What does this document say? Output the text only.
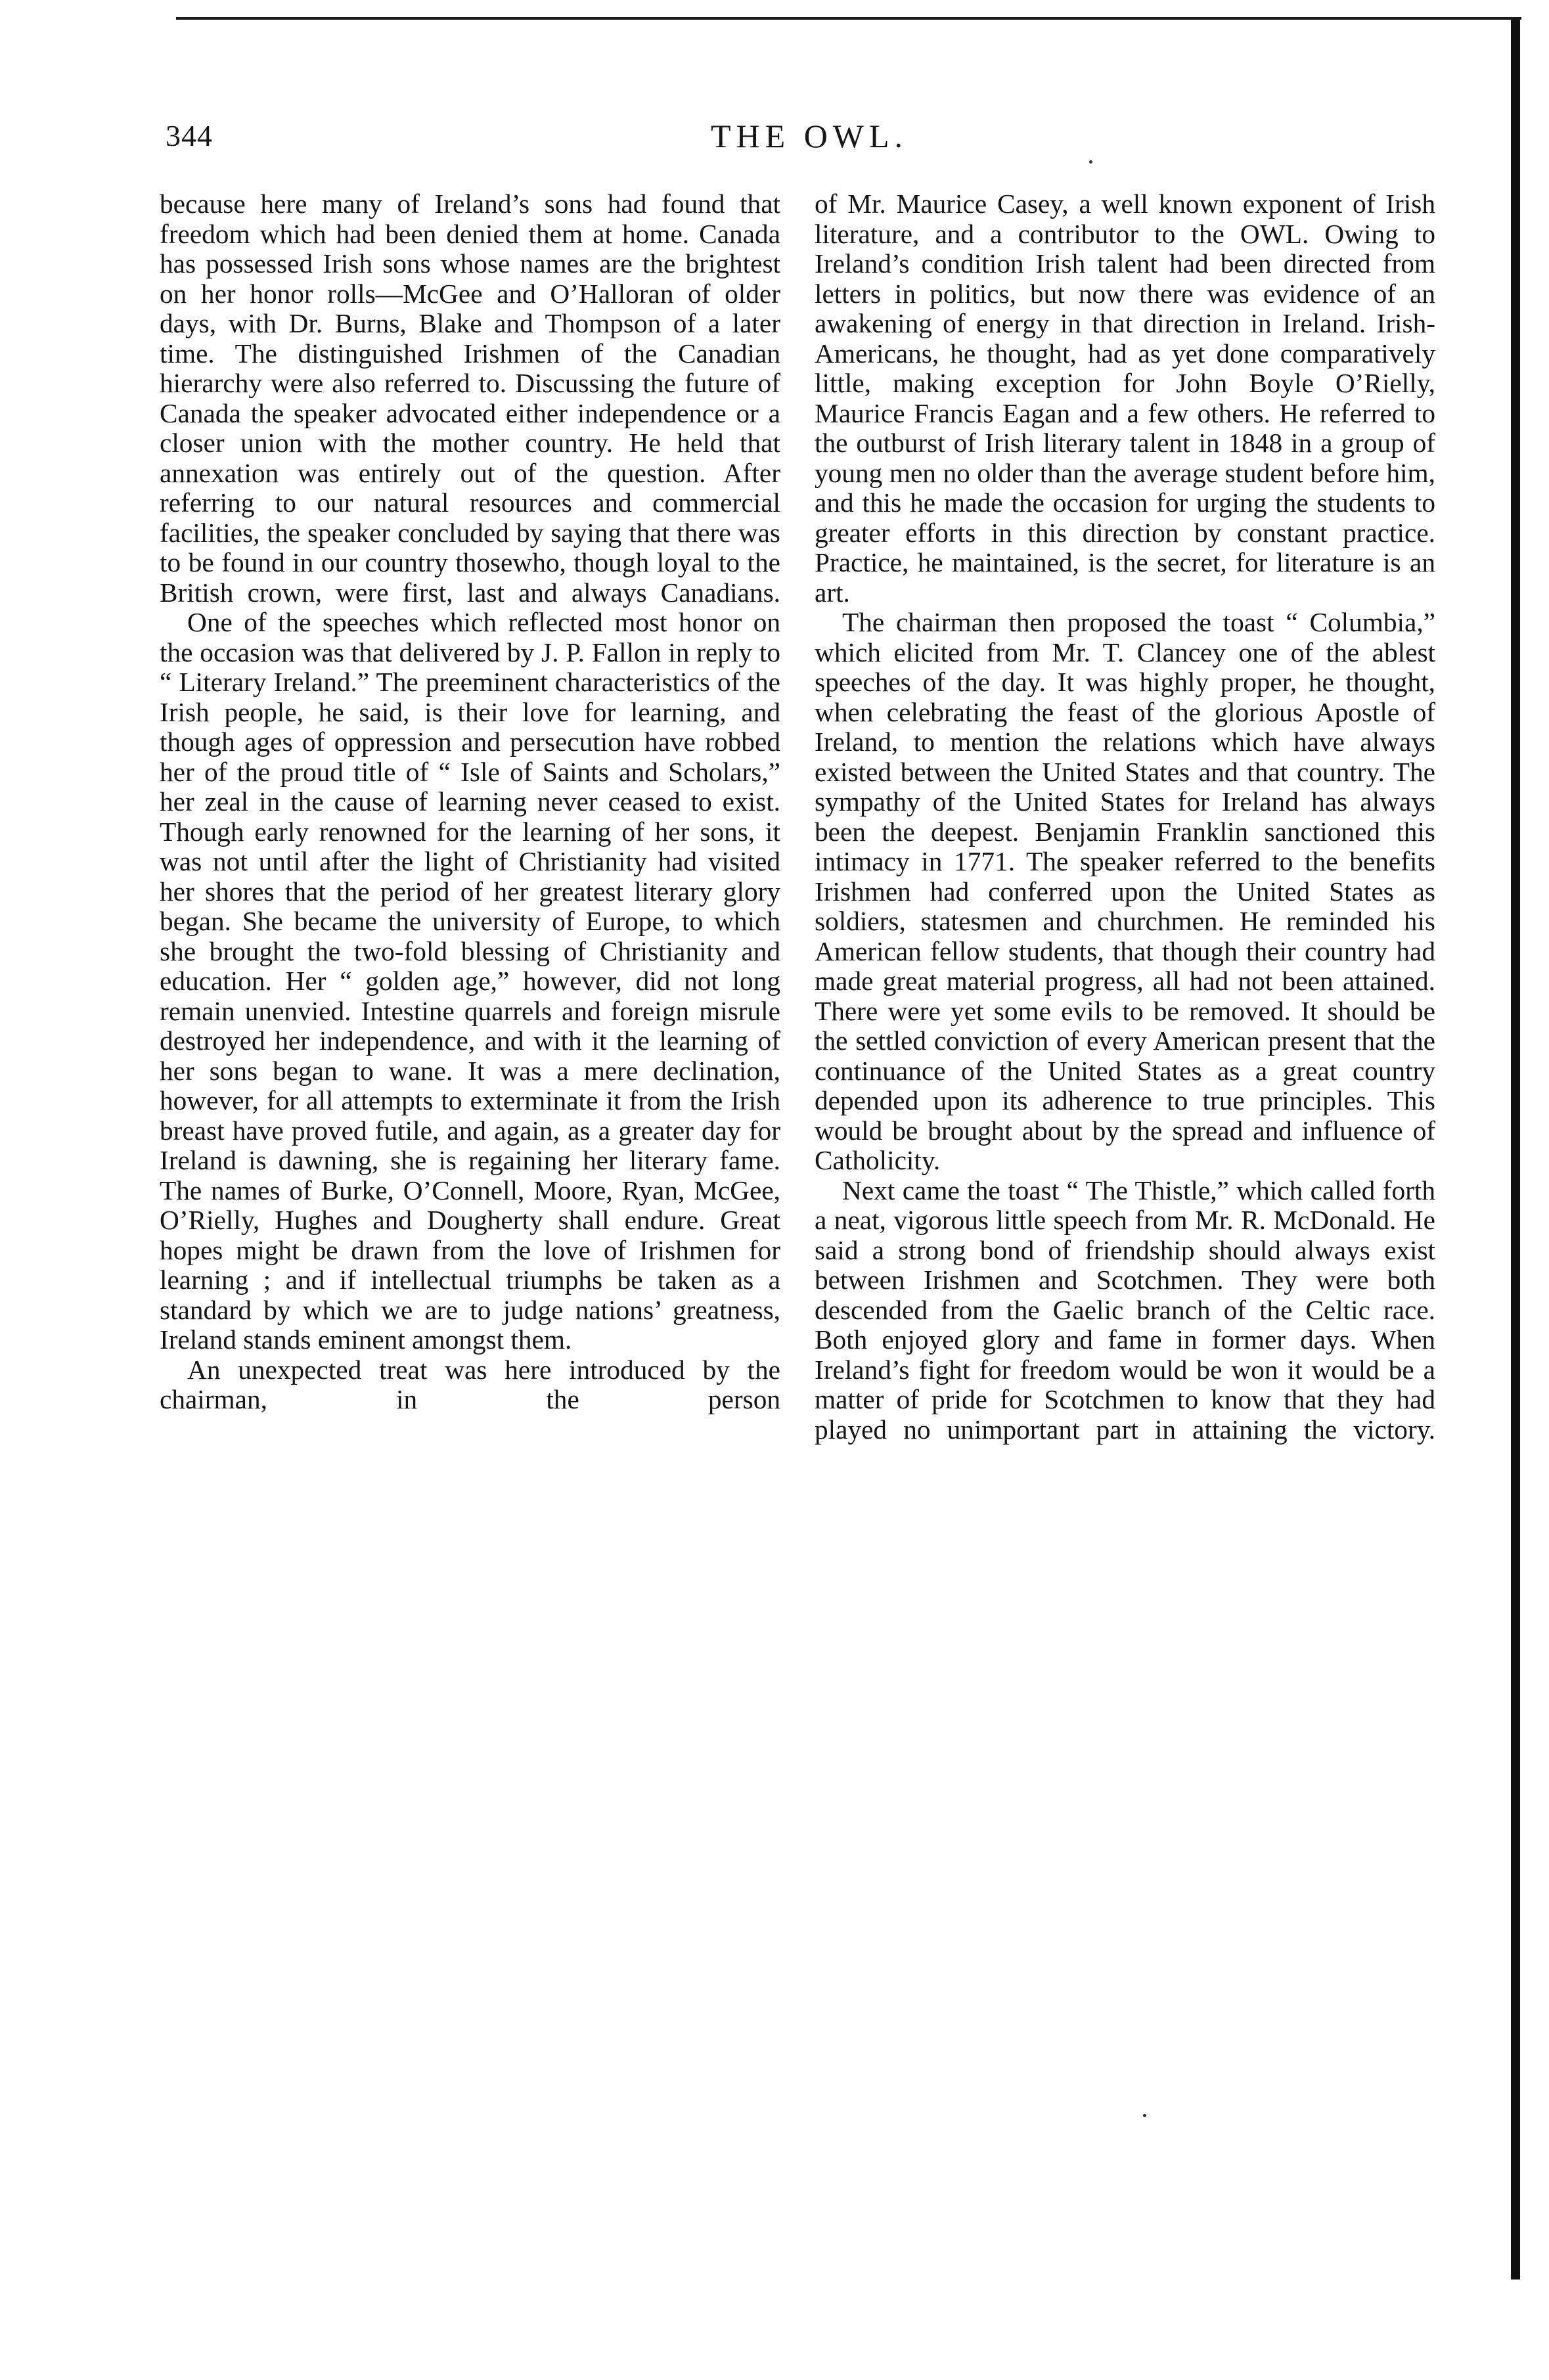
344	THE OWL.

because here many of Ireland’s sons had found that freedom which had been denied them at home. Canada has possessed Irish sons whose names are the brightest on her honor rolls—McGee and O’Halloran of older days, with Dr. Burns, Blake and Thompson of a later time. The distinguished Irishmen of the Canadian hierarchy were also referred to. Discussing the future of Canada the speaker advocated either independence or a closer union with the mother country. He held that annexation was entirely out of the question. After referring to our natural resources and commercial facilities, the speaker concluded by saying that there was to be found in our country thosewho, though loyal to the British crown, were first, last and always Canadians.

One of the speeches which reflected most honor on the occasion was that delivered by J. P. Fallon in reply to “ Literary Ireland.” The preeminent characteristics of the Irish people, he said, is their love for learning, and though ages of oppression and persecution have robbed her of the proud title of “ Isle of Saints and Scholars,” her zeal in the cause of learning never ceased to exist. Though early renowned for the learning of her sons, it was not until after the light of Christianity had visited her shores that the period of her greatest literary glory began. She became the university of Europe, to which she brought the two-fold blessing of Christianity and education. Her “ golden age,” however, did not long remain unenvied. Intestine quarrels and foreign misrule destroyed her independence, and with it the learning of her sons began to wane. It was a mere declination, however, for all attempts to exterminate it from the Irish breast have proved futile, and again, as a greater day for Ireland is dawning, she is regaining her literary fame. The names of Burke, O’Connell, Moore, Ryan, McGee, O’Rielly, Hughes and Dougherty shall endure. Great hopes might be drawn from the love of Irishmen for learning ; and if intellectual triumphs be taken as a standard by which we are to judge nations’ greatness, Ireland stands eminent amongst them.

An unexpected treat was here introduced by the chairman, in the person

of Mr. Maurice Casey, a well known exponent of Irish literature, and a contributor to the OWL. Owing to Ireland’s condition Irish talent had been directed from letters in politics, but now there was evidence of an awakening of energy in that direction in Ireland. Irish-Americans, he thought, had as yet done comparatively little, making exception for John Boyle O’Rielly, Maurice Francis Eagan and a few others. He referred to the outburst of Irish literary talent in 1848 in a group of young men no older than the average student before him, and this he made the occasion for urging the students to greater efforts in this direction by constant practice. Practice, he maintained, is the secret, for literature is an art.

The chairman then proposed the toast “ Columbia,” which elicited from Mr. T. Clancey one of the ablest speeches of the day. It was highly proper, he thought, when celebrating the feast of the glorious Apostle of Ireland, to mention the relations which have always existed between the United States and that country. The sympathy of the United States for Ireland has always been the deepest. Benjamin Franklin sanctioned this intimacy in 1771. The speaker referred to the benefits Irishmen had conferred upon the United States as soldiers, statesmen and churchmen. He reminded his American fellow students, that though their country had made great material progress, all had not been attained. There were yet some evils to be removed. It should be the settled conviction of every American present that the continuance of the United States as a great country depended upon its adherence to true principles. This would be brought about by the spread and influence of Catholicity.

Next came the toast “ The Thistle,” which called forth a neat, vigorous little speech from Mr. R. McDonald. He said a strong bond of friendship should always exist between Irishmen and Scotchmen. They were both descended from the Gaelic branch of the Celtic race. Both enjoyed glory and fame in former days. When Ireland’s fight for freedom would be won it would be a matter of pride for Scotchmen to know that they had played no unimportant part in attaining the victory.
